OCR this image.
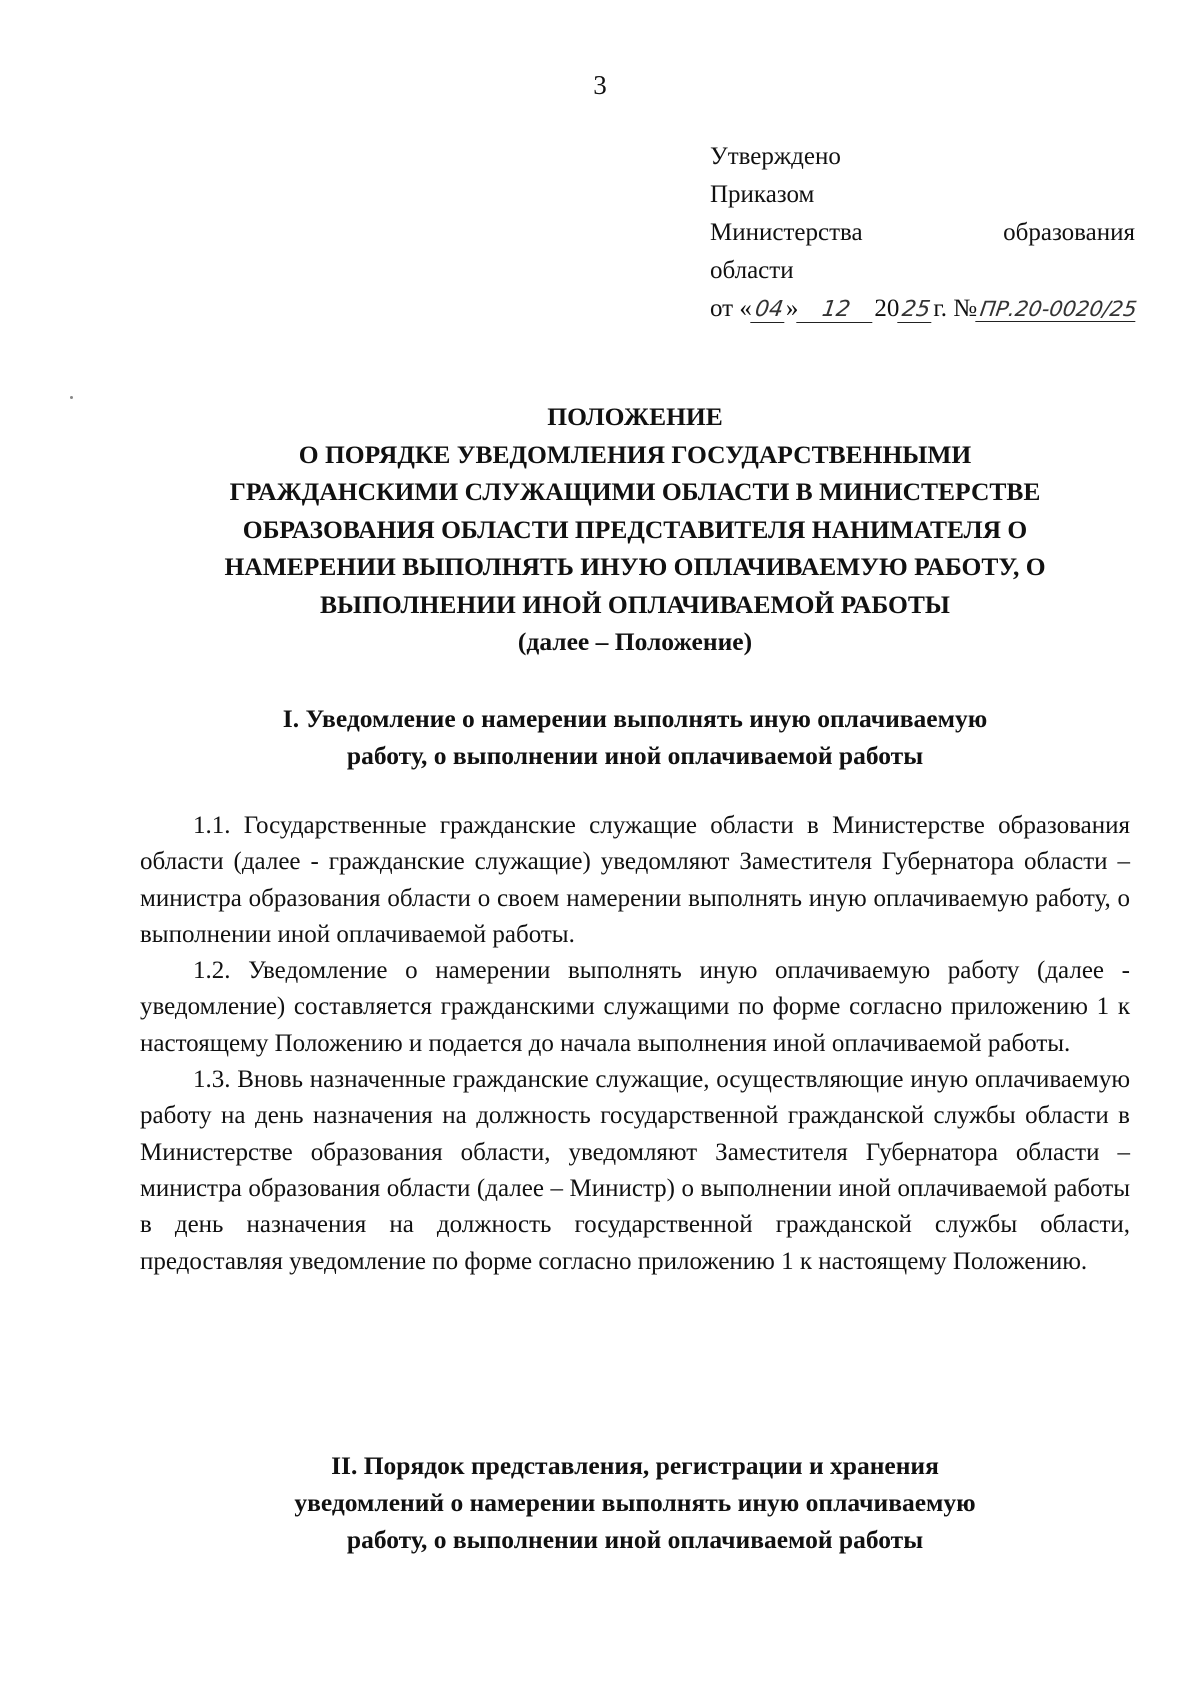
3
Утверждено
Приказом
Министерства	образования
области
от «04» 12 2025г. №ПР.20-0020/25
ПОЛОЖЕНИЕ
О ПОРЯДКЕ УВЕДОМЛЕНИЯ ГОСУДАРСТВЕННЫМИ
ГРАЖДАНСКИМИ СЛУЖАЩИМИ ОБЛАСТИ В МИНИСТЕРСТВЕ
ОБРАЗОВАНИЯ ОБЛАСТИ ПРЕДСТАВИТЕЛЯ НАНИМАТЕЛЯ О
НАМЕРЕНИИ ВЫПОЛНЯТЬ ИНУЮ ОПЛАЧИВАЕМУЮ РАБОТУ, О
ВЫПОЛНЕНИИ ИНОЙ ОПЛАЧИВАЕМОЙ РАБОТЫ
(далее – Положение)
I. Уведомление о намерении выполнять иную оплачиваемую
работу, о выполнении иной оплачиваемой работы

1.1. Государственные гражданские служащие области в Министерстве образования области (далее - гражданские служащие) уведомляют Заместителя Губернатора области – министра образования области о своем намерении выполнять иную оплачиваемую работу, о выполнении иной оплачиваемой работы.

1.2. Уведомление о намерении выполнять иную оплачиваемую работу (далее - уведомление) составляется гражданскими служащими по форме согласно приложению 1 к настоящему Положению и подается до начала выполнения иной оплачиваемой работы.

1.3. Вновь назначенные гражданские служащие, осуществляющие иную оплачиваемую работу на день назначения на должность государственной гражданской службы области в Министерстве образования области, уведомляют Заместителя Губернатора области – министра образования области (далее – Министр) о выполнении иной оплачиваемой работы в день назначения на должность государственной гражданской службы области, предоставляя уведомление по форме согласно приложению 1 к настоящему Положению.

II. Порядок представления, регистрации и хранения
уведомлений о намерении выполнять иную оплачиваемую
работу, о выполнении иной оплачиваемой работы
